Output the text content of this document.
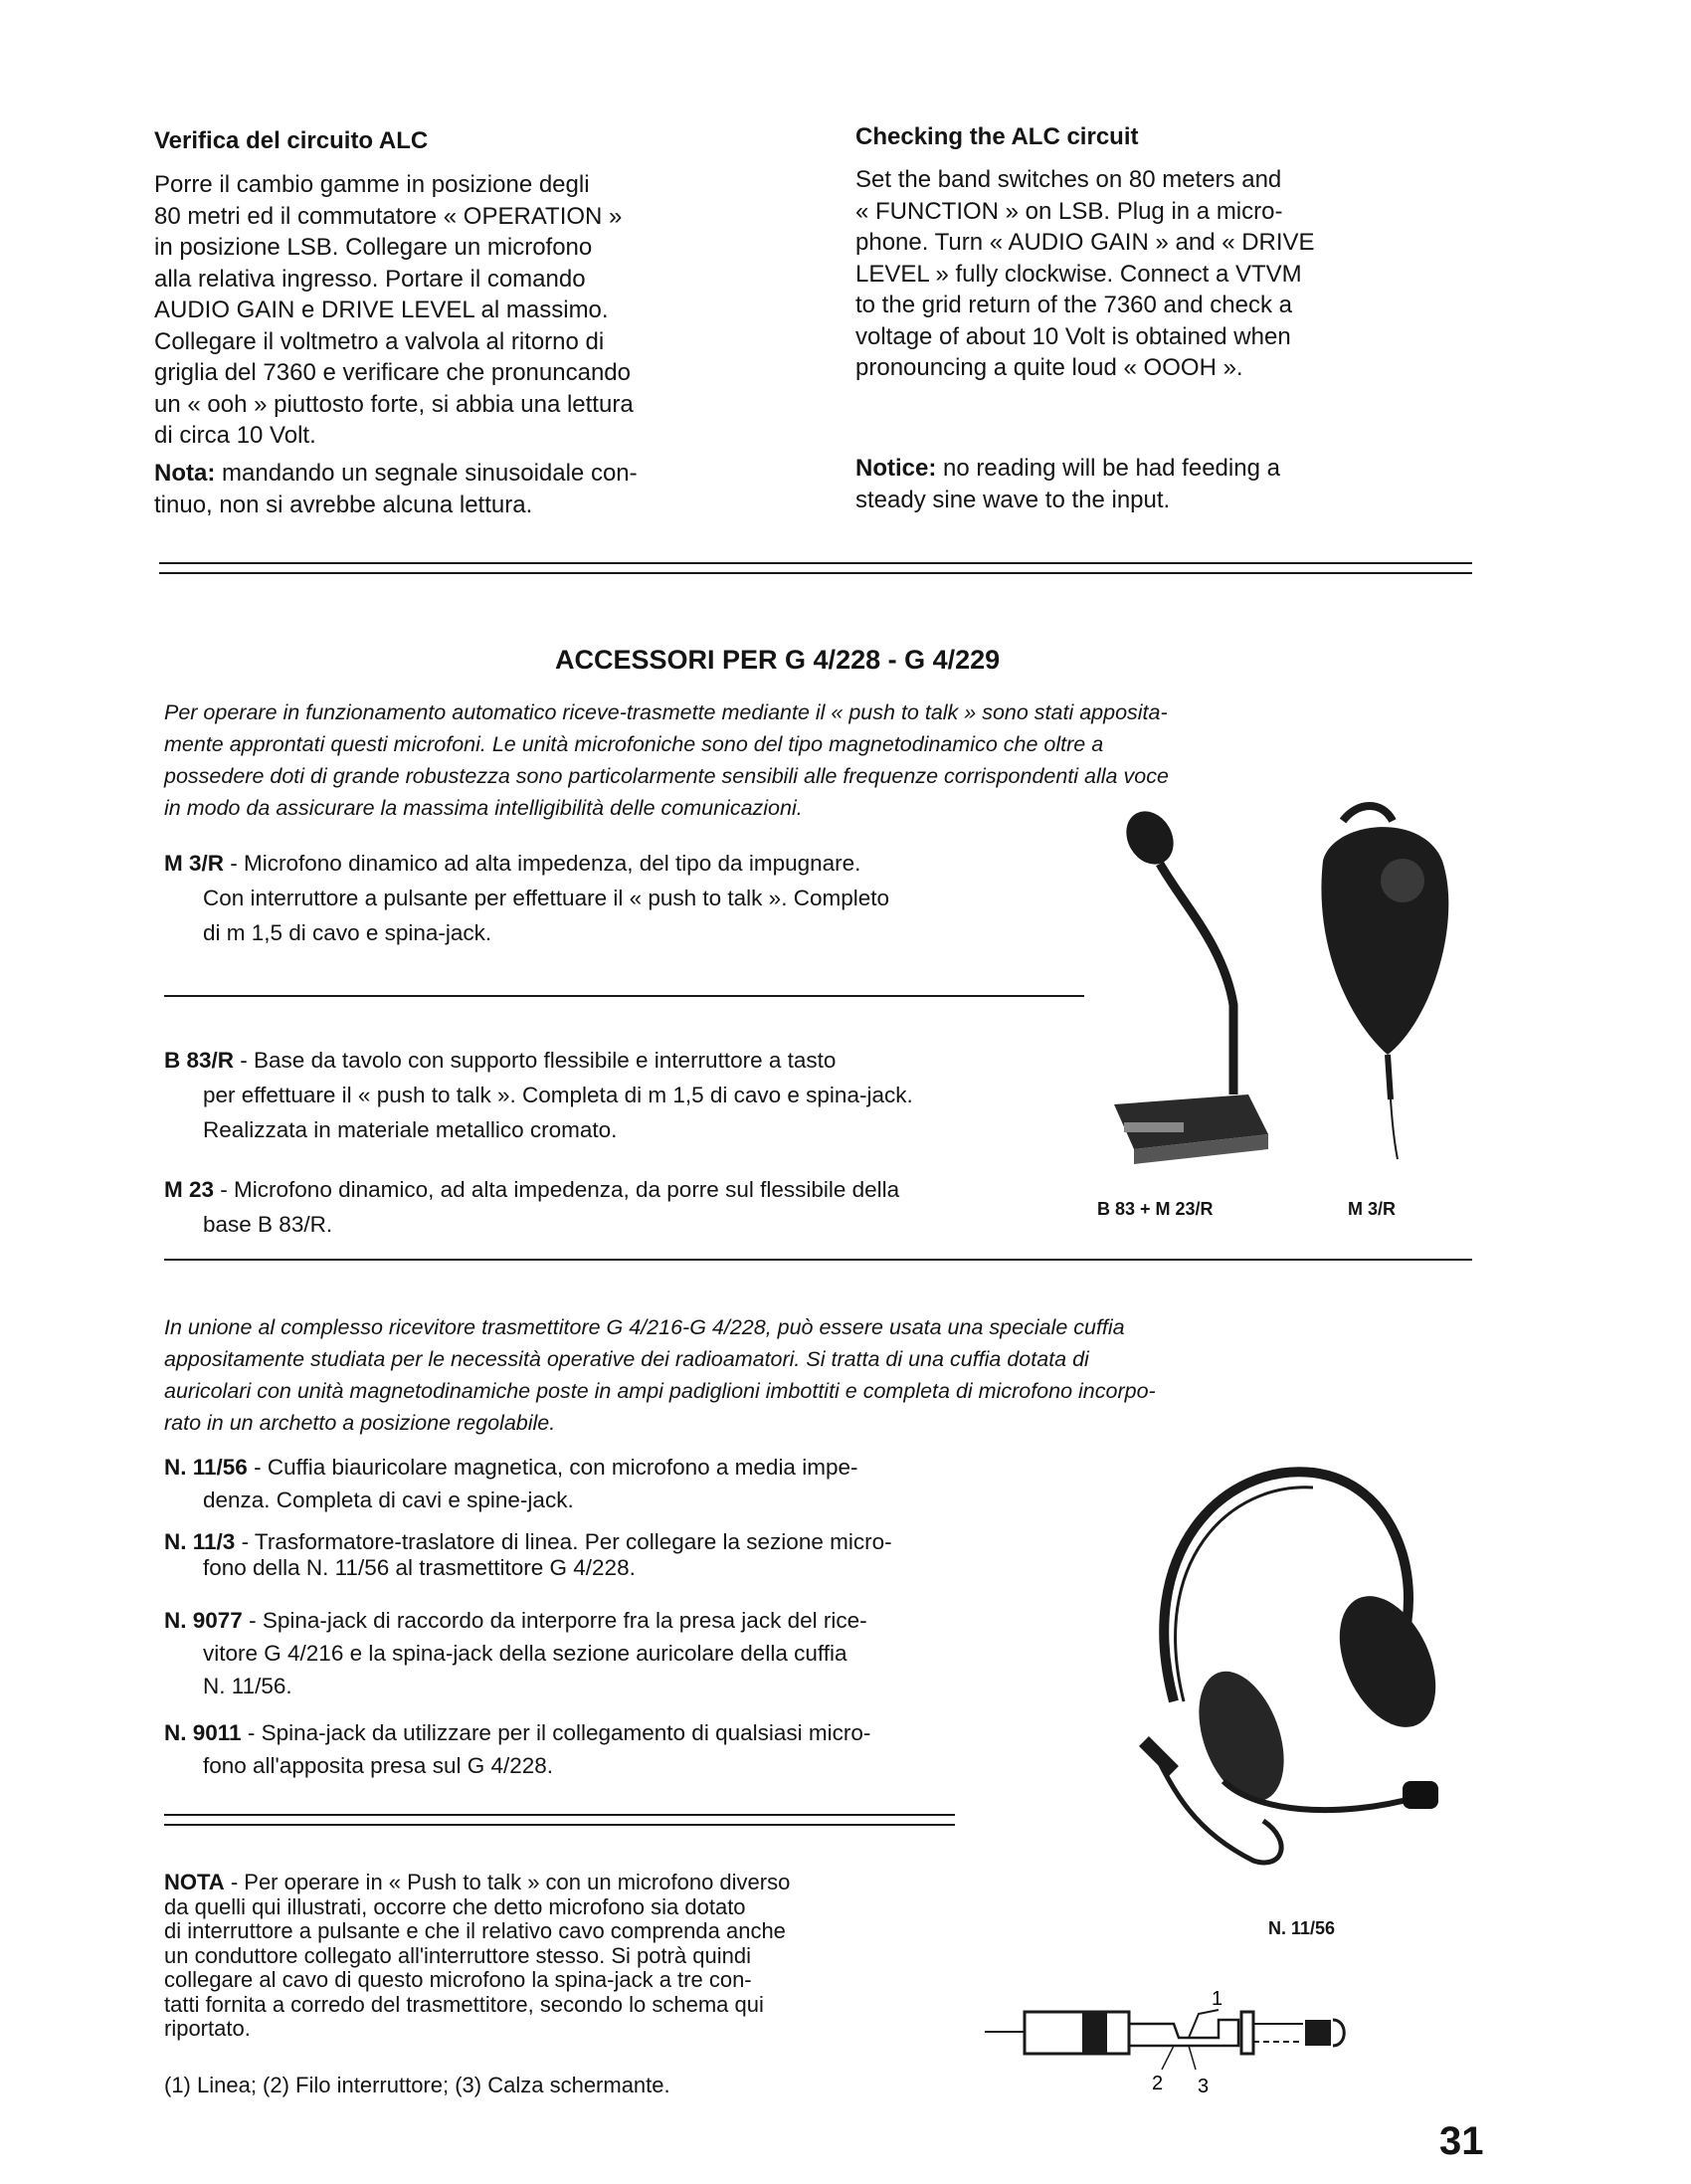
Verifica del circuito ALC
Porre il cambio gamme in posizione degli
80 metri ed il commutatore « OPERATION »
in posizione LSB. Collegare un microfono
alla relativa ingresso. Portare il comando
AUDIO GAIN e DRIVE LEVEL al massimo.
Collegare il voltmetro a valvola al ritorno di
griglia del 7360 e verificare che pronuncando
un « ooh » piuttosto forte, si abbia una lettura
di circa 10 Volt.
Nota: mandando un segnale sinusoidale con-
tinuo, non si avrebbe alcuna lettura.
Checking the ALC circuit
Set the band switches on 80 meters and
« FUNCTION » on LSB. Plug in a micro-
phone. Turn « AUDIO GAIN » and « DRIVE
LEVEL » fully clockwise. Connect a VTVM
to the grid return of the 7360 and check a
voltage of about 10 Volt is obtained when
pronouncing a quite loud « OOOH ».
Notice: no reading will be had feeding a
steady sine wave to the input.
ACCESSORI PER G 4/228 - G 4/229
Per operare in funzionamento automatico riceve-trasmette mediante il « push to talk » sono stati apposita-
mente approntati questi microfoni. Le unità microfoniche sono del tipo magnetodinamico che oltre a
possedere doti di grande robustezza sono particolarmente sensibili alle frequenze corrispondenti alla voce
in modo da assicurare la massima intelligibilità delle comunicazioni.
M 3/R - Microfono dinamico ad alta impedenza, del tipo da impugnare.
Con interruttore a pulsante per effettuare il « push to talk ». Completo
di m 1,5 di cavo e spina-jack.
B 83/R - Base da tavolo con supporto flessibile e interruttore a tasto
per effettuare il « push to talk ». Completa di m 1,5 di cavo e spina-jack.
Realizzata in materiale metallico cromato.
M 23 - Microfono dinamico, ad alta impedenza, da porre sul flessibile della
base B 83/R.
B 83 + M 23/R	M 3/R
In unione al complesso ricevitore trasmettitore G 4/216-G 4/228, può essere usata una speciale cuffia
appositamente studiata per le necessità operative dei radioamatori. Si tratta di una cuffia dotata di
auricolari con unità magnetodinamiche poste in ampi padiglioni imbottiti e completa di microfono incorpo-
rato in un archetto a posizione regolabile.
N. 11/56 - Cuffia biauricolare magnetica, con microfono a media impe-
denza. Completa di cavi e spine-jack.
N. 11/3 - Trasformatore-traslatore di linea. Per collegare la sezione micro-
fono della N. 11/56 al trasmettitore G 4/228.
N. 9077 - Spina-jack di raccordo da interporre fra la presa jack del rice-
vitore G 4/216 e la spina-jack della sezione auricolare della cuffia
N. 11/56.
N. 9011 - Spina-jack da utilizzare per il collegamento di qualsiasi micro-
fono all'apposita presa sul G 4/228.
N. 11/56
NOTA - Per operare in « Push to talk » con un microfono diverso
da quelli qui illustrati, occorre che detto microfono sia dotato
di interruttore a pulsante e che il relativo cavo comprenda anche
un conduttore collegato all'interruttore stesso. Si potrà quindi
collegare al cavo di questo microfono la spina-jack a tre con-
tatti fornita a corredo del trasmettitore, secondo lo schema qui
riportato.
(1) Linea; (2) Filo interruttore; (3) Calza schermante.
1
2 3
31
